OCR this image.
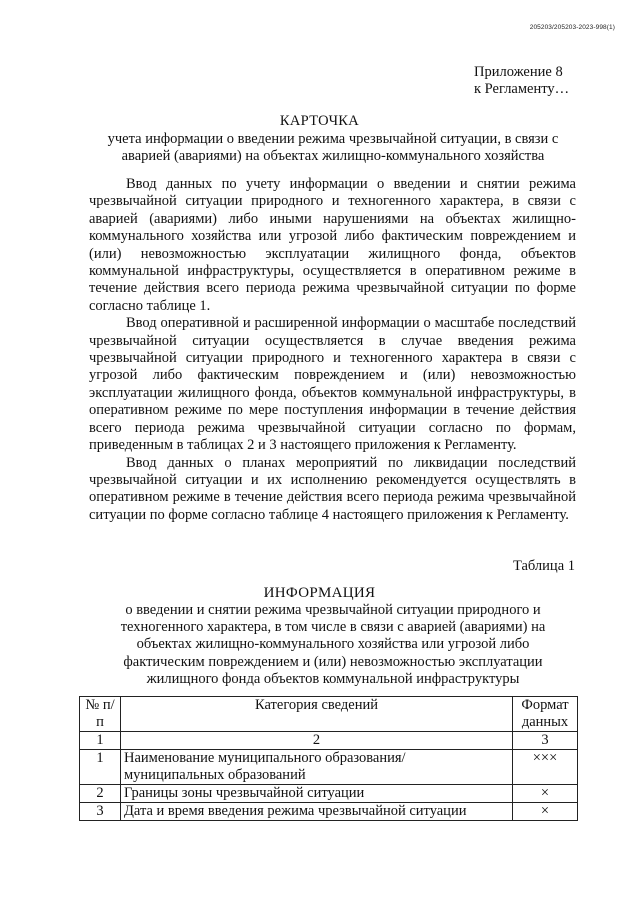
205203/205203-2023-998(1)
Приложение 8
к Регламенту…
КАРТОЧКА
учета информации о введении режима чрезвычайной ситуации, в связи с аварией (авариями) на объектах жилищно-коммунального хозяйства

Ввод данных по учету информации о введении и снятии режима чрезвычайной ситуации природного и техногенного характера, в связи с аварией (авариями) либо иными нарушениями на объектах жилищно-коммунального хозяйства или угрозой либо фактическим повреждением и (или) невозможностью эксплуатации жилищного фонда, объектов коммунальной инфраструктуры, осуществляется в оперативном режиме в течение действия всего периода режима чрезвычайной ситуации по форме согласно таблице 1.

Ввод оперативной и расширенной информации о масштабе последствий чрезвычайной ситуации осуществляется в случае введения режима чрезвычайной ситуации природного и техногенного характера в связи с угрозой либо фактическим повреждением и (или) невозможностью эксплуатации жилищного фонда, объектов коммунальной инфраструктуры, в оперативном режиме по мере поступления информации в течение действия всего периода режима чрезвычайной ситуации согласно по формам, приведенным в таблицах 2 и 3 настоящего приложения к Регламенту.

Ввод данных о планах мероприятий по ликвидации последствий чрезвычайной ситуации и их исполнению рекомендуется осуществлять в оперативном режиме в течение действия всего периода режима чрезвычайной ситуации по форме согласно таблице 4 настоящего приложения к Регламенту.

Таблица 1
ИНФОРМАЦИЯ
о введении и снятии режима чрезвычайной ситуации природного и техногенного характера, в том числе в связи с аварией (авариями) на объектах жилищно-коммунального хозяйства или угрозой либо фактическим повреждением и (или) невозможностью эксплуатации жилищного фонда объектов коммунальной инфраструктуры
№ п/п	Категория сведений	Формат данных
1	2	3
1	Наименование муниципального образования/ муниципальных образований	×××
2	Границы зоны чрезвычайной ситуации	×
3	Дата и время введения режима чрезвычайной ситуации	×
